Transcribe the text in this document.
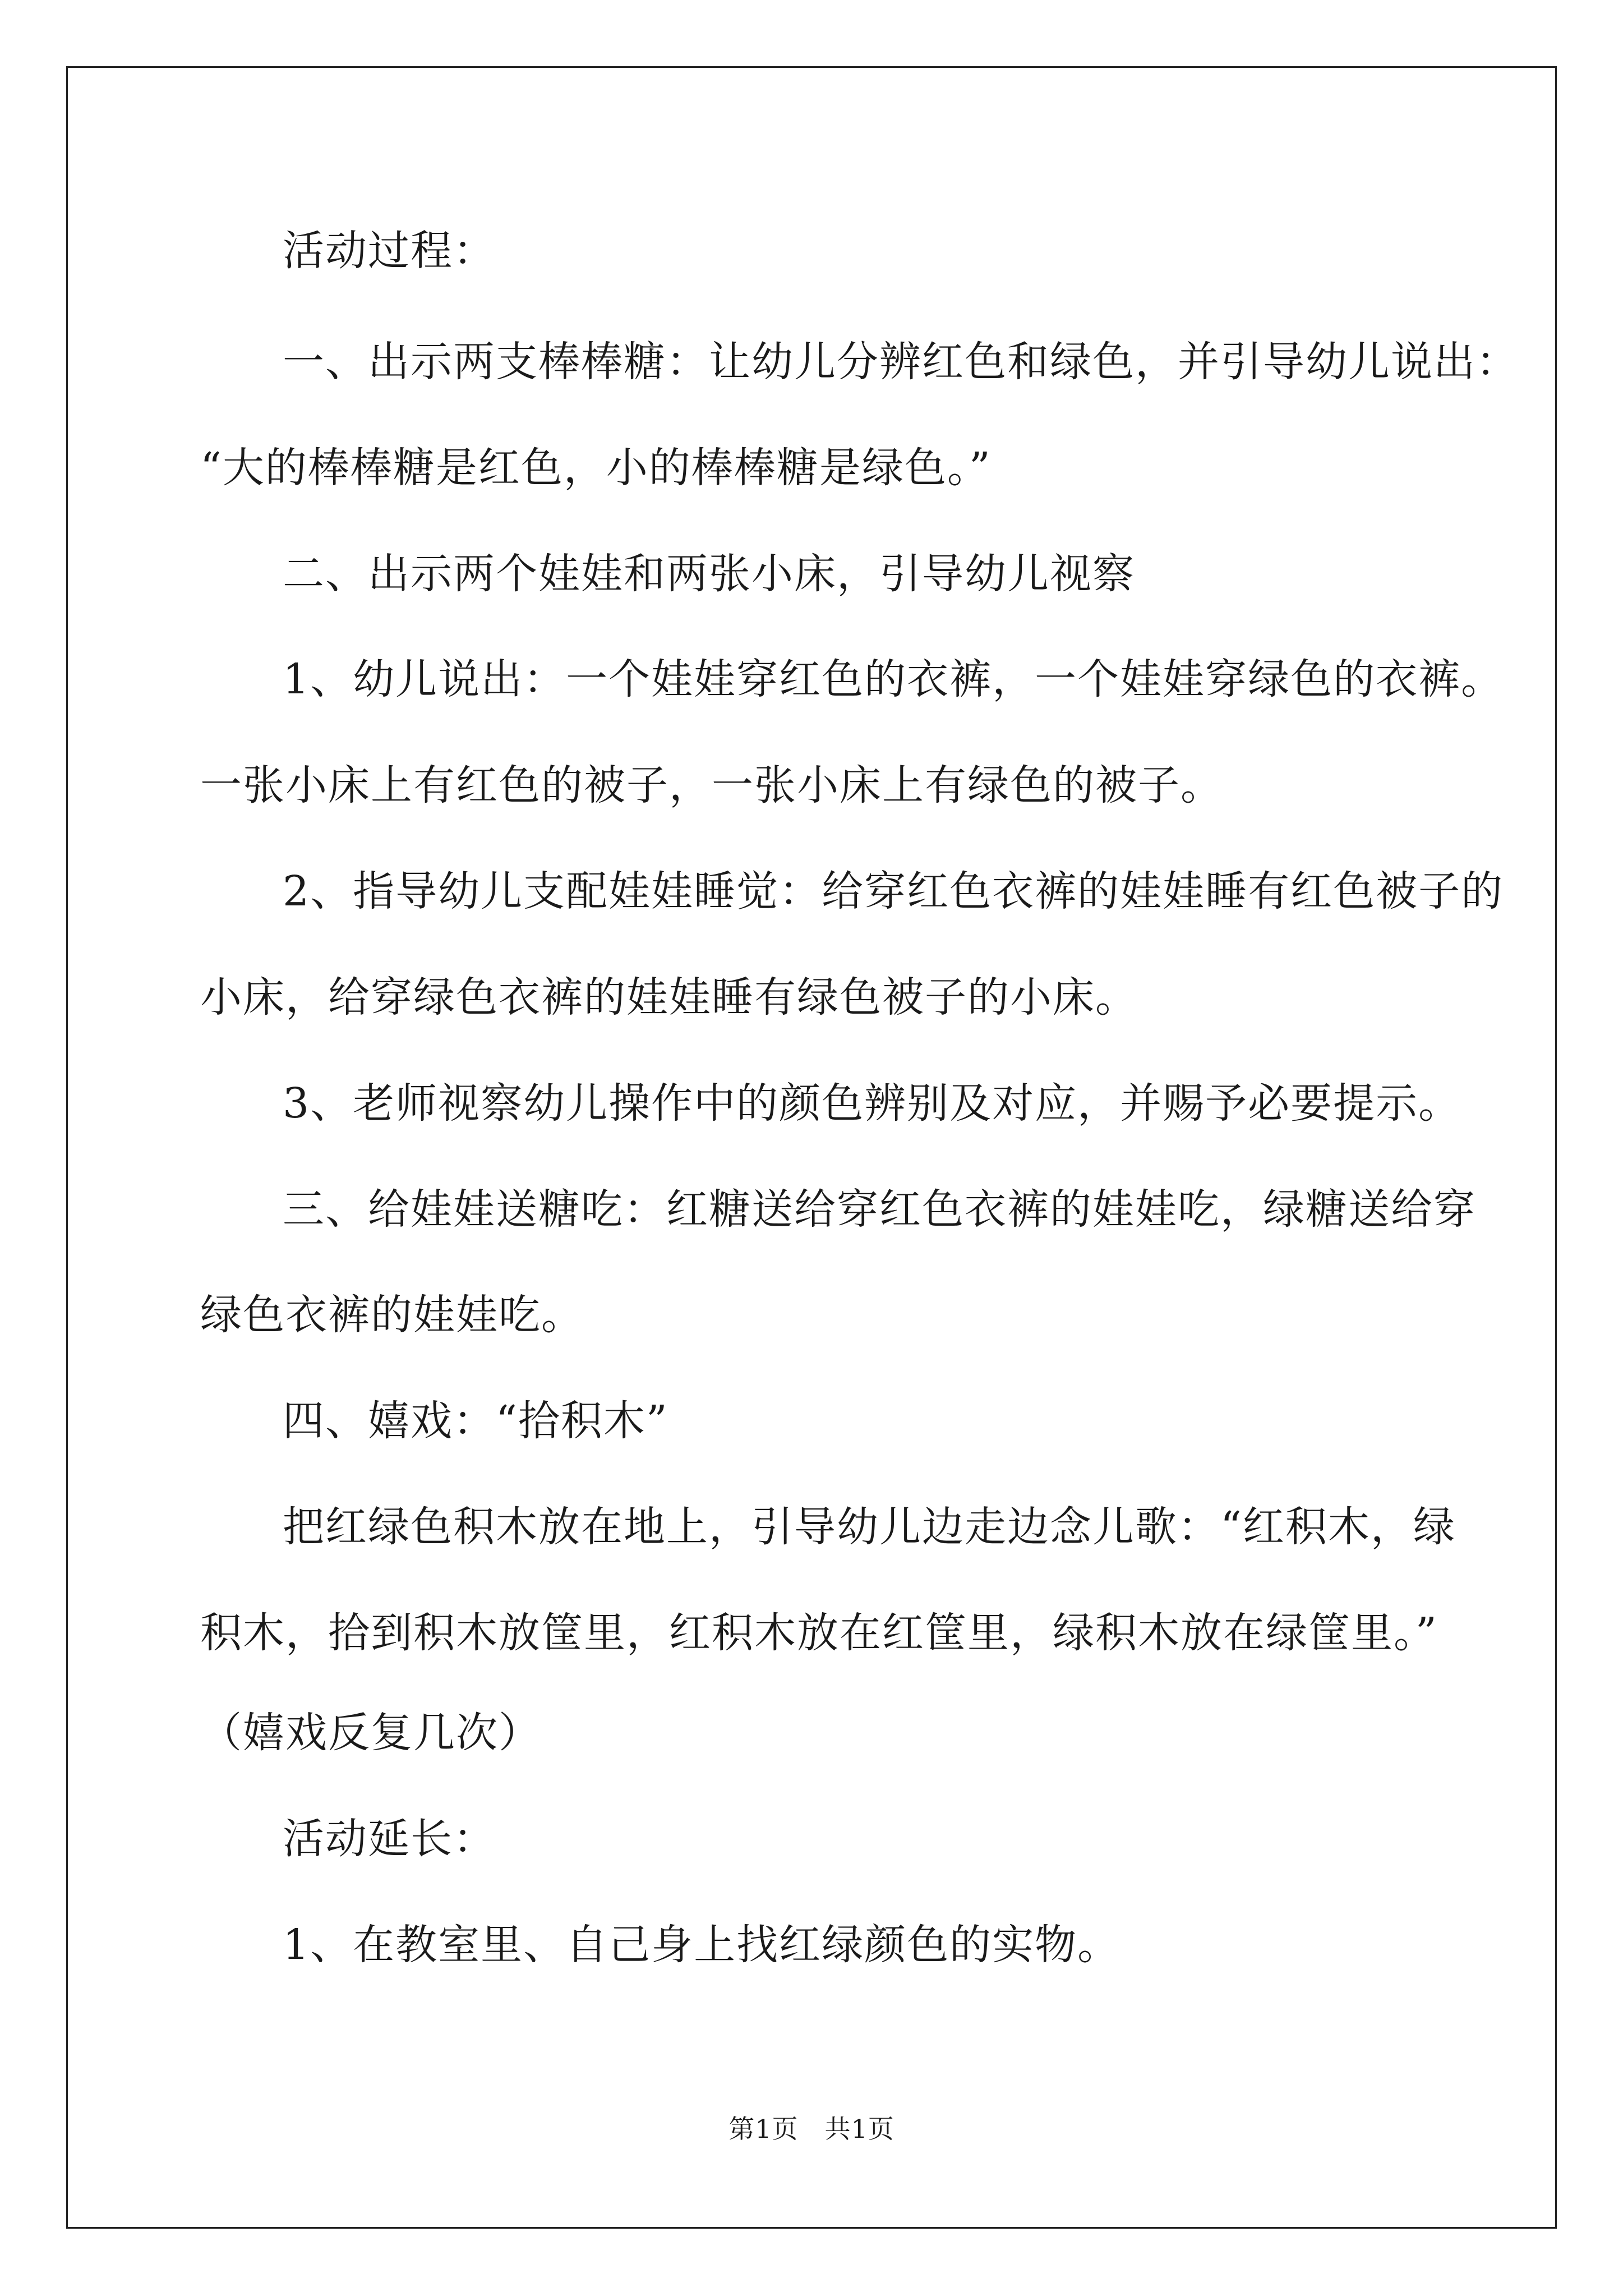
活动过程：
一、出示两支棒棒糖：让幼儿分辨红色和绿色，并引导幼儿说出：
“大的棒棒糖是红色，小的棒棒糖是绿色。”
二、出示两个娃娃和两张小床，引导幼儿视察
1、幼儿说出：一个娃娃穿红色的衣裤，一个娃娃穿绿色的衣裤。
一张小床上有红色的被子，一张小床上有绿色的被子。
2、指导幼儿支配娃娃睡觉：给穿红色衣裤的娃娃睡有红色被子的
小床，给穿绿色衣裤的娃娃睡有绿色被子的小床。
3、老师视察幼儿操作中的颜色辨别及对应，并赐予必要提示。
三、给娃娃送糖吃：红糖送给穿红色衣裤的娃娃吃，绿糖送给穿
绿色衣裤的娃娃吃。
四、嬉戏：“拾积木”
把红绿色积木放在地上，引导幼儿边走边念儿歌：“红积木，绿
积木，拾到积木放筐里，红积木放在红筐里，绿积木放在绿筐里。”
（嬉戏反复几次）
活动延长：
1、在教室里、自己身上找红绿颜色的实物。
第1页　共1页
